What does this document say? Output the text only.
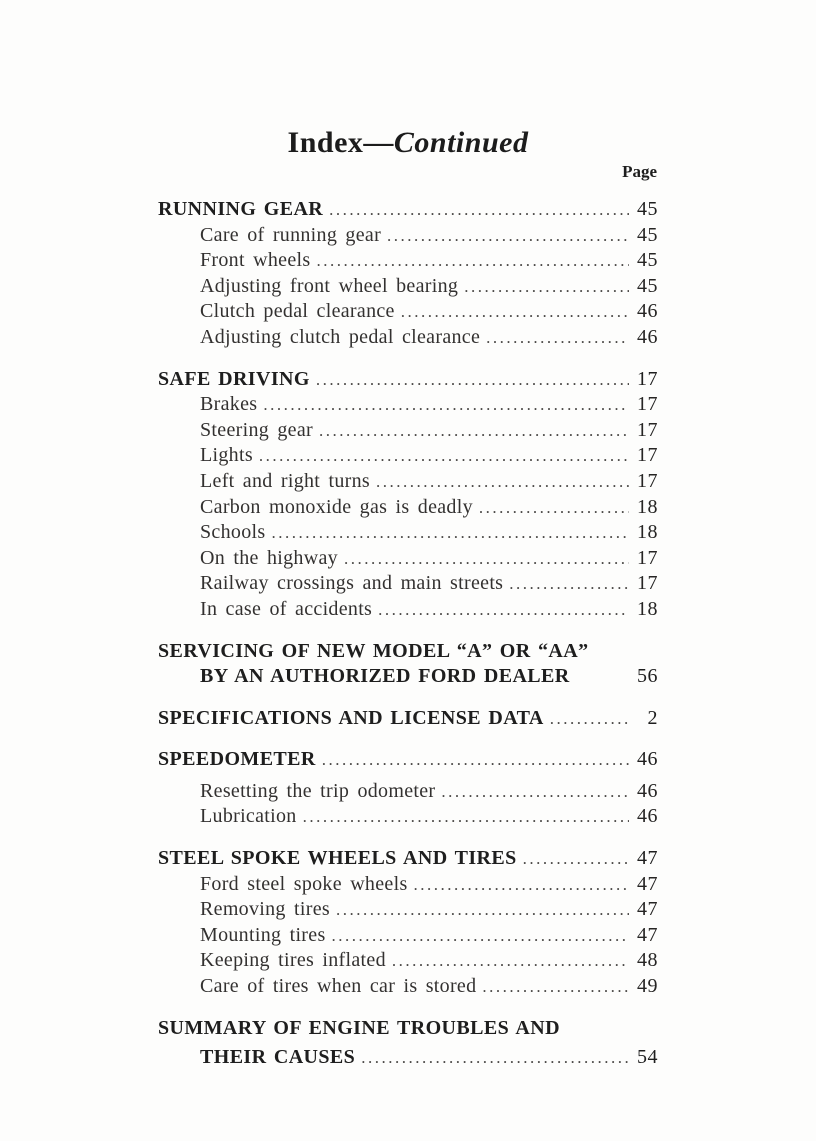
Index—Continued
Page
RUNNING GEAR .....	45
Care of running gear .....	45
Front wheels .....	45
Adjusting front wheel bearing .....	45
Clutch pedal clearance .....	46
Adjusting clutch pedal clearance .....	46
SAFE DRIVING .....	17
Brakes .....	17
Steering gear .....	17
Lights .....	17
Left and right turns .....	17
Carbon monoxide gas is deadly .....	18
Schools .....	18
On the highway .....	17
Railway crossings and main streets .....	17
In case of accidents .....	18
SERVICING OF NEW MODEL “A” OR “AA”
BY AN AUTHORIZED FORD DEALER	56
SPECIFICATIONS AND LICENSE DATA .....	2
SPEEDOMETER .....	46
Resetting the trip odometer .....	46
Lubrication .....	46
STEEL SPOKE WHEELS AND TIRES .....	47
Ford steel spoke wheels .....	47
Removing tires .....	47
Mounting tires .....	47
Keeping tires inflated .....	48
Care of tires when car is stored .....	49
SUMMARY OF ENGINE TROUBLES AND
THEIR CAUSES .....	54
